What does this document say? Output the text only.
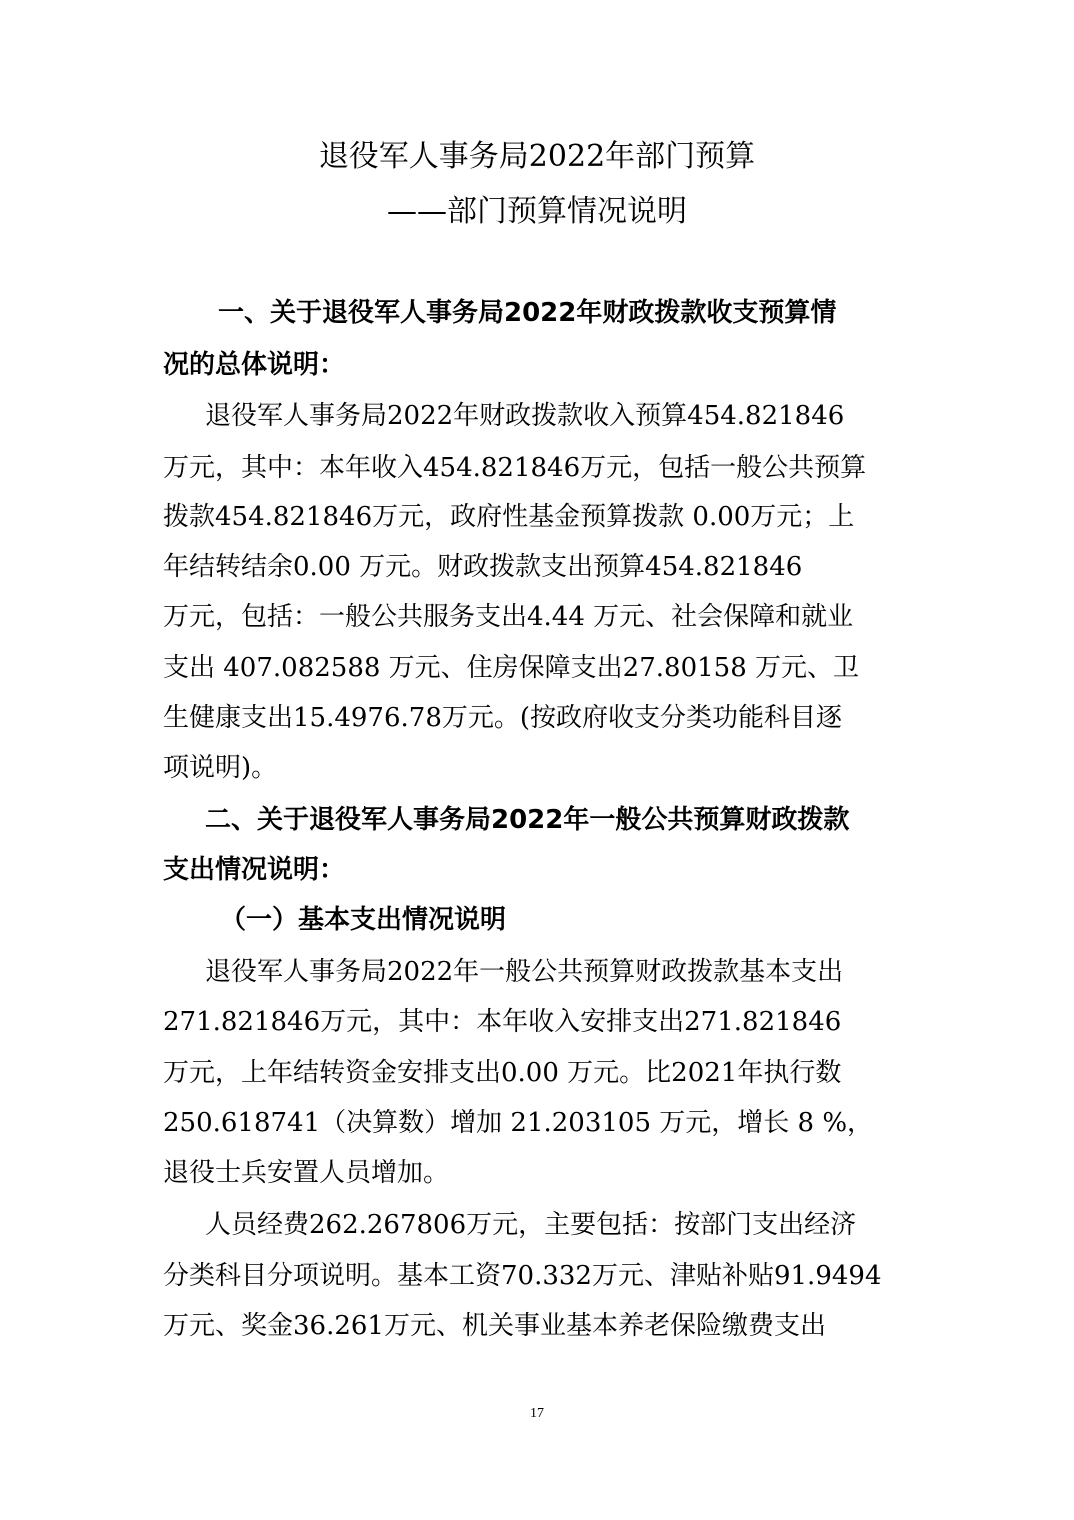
退役军人事务局2022年部门预算
——部门预算情况说明
一、关于退役军人事务局2022年财政拨款收支预算情
况的总体说明：
退役军人事务局2022年财政拨款收入预算454.821846
万元，其中：本年收入454.821846万元，包括一般公共预算
拨款454.821846万元，政府性基金预算拨款 0.00万元；上
年结转结余0.00 万元。财政拨款支出预算454.821846
万元，包括：一般公共服务支出4.44 万元、社会保障和就业
支出 407.082588 万元、住房保障支出27.80158 万元、卫
生健康支出15.4976.78万元。(按政府收支分类功能科目逐
项说明)。
二、关于退役军人事务局2022年一般公共预算财政拨款
支出情况说明：
（一）基本支出情况说明
退役军人事务局2022年一般公共预算财政拨款基本支出
271.821846万元，其中：本年收入安排支出271.821846
万元，上年结转资金安排支出0.00 万元。比2021年执行数
250.618741（决算数）增加 21.203105 万元，增长 8 %，
退役士兵安置人员增加。
人员经费262.267806万元，主要包括：按部门支出经济
分类科目分项说明。基本工资70.332万元、津贴补贴91.9494
万元、奖金36.261万元、机关事业基本养老保险缴费支出
17
